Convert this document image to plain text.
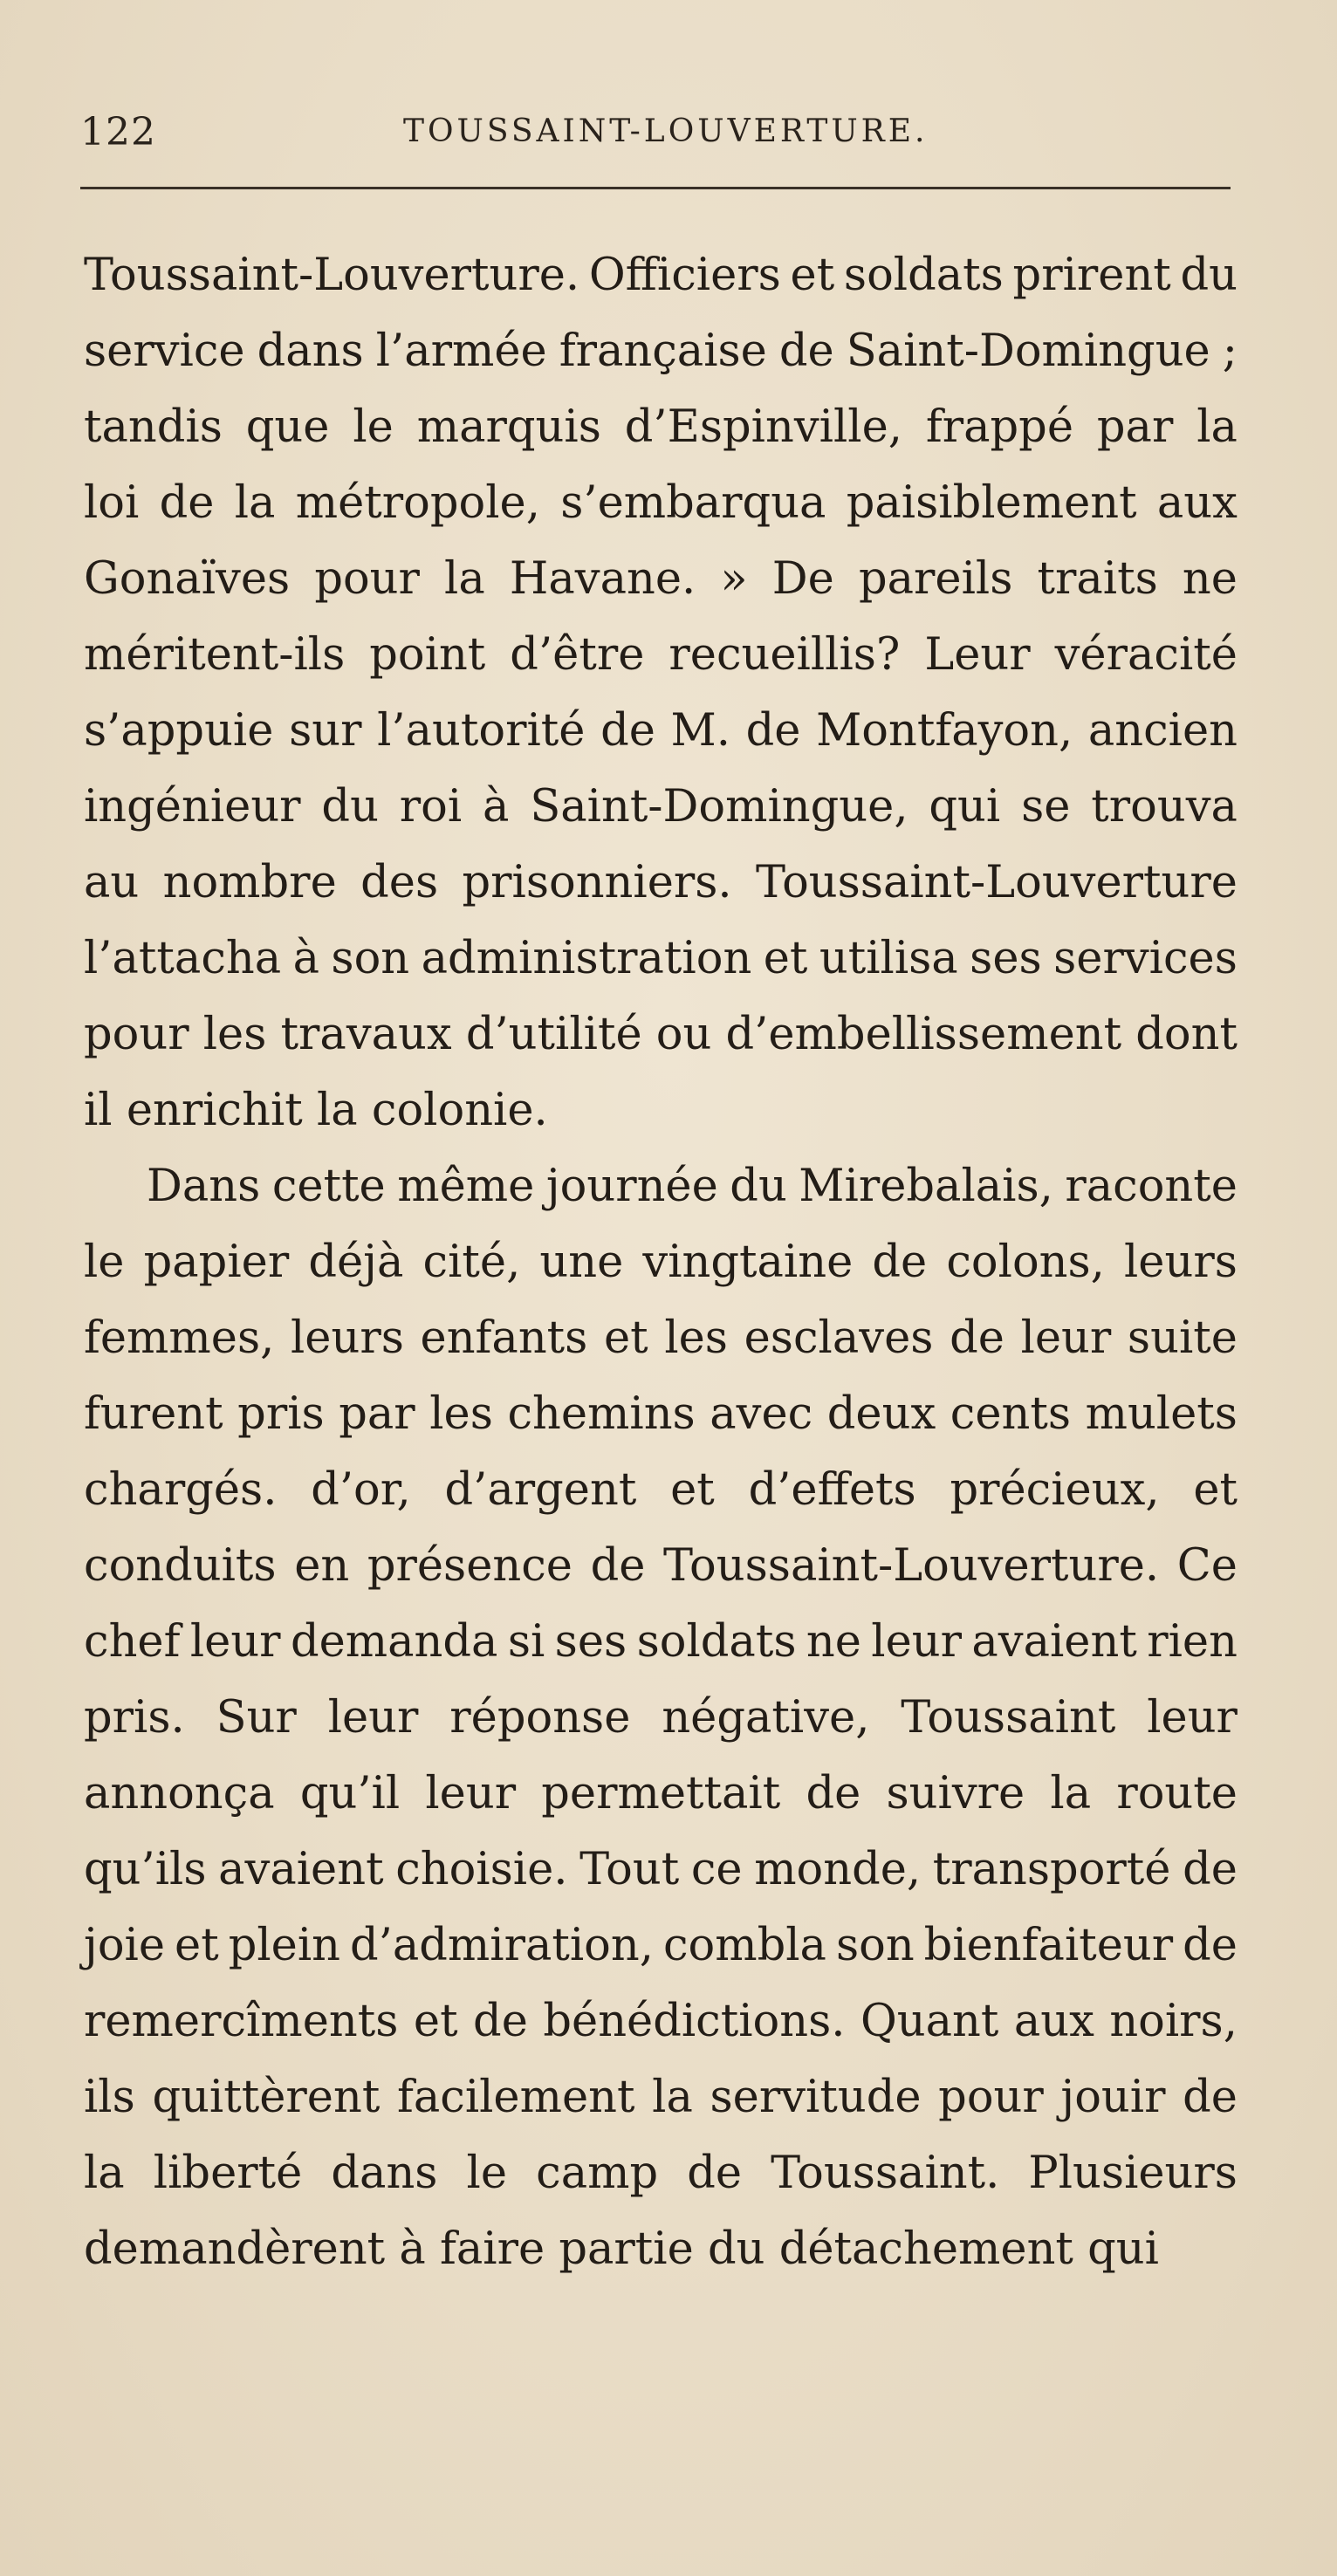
122	TOUSSAINT-LOUVERTURE.
Toussaint-Louverture. Officiers et soldats prirent du
service dans l’armée française de Saint-Domingue ;
tandis que le marquis d’Espinville, frappé par la
loi de la métropole, s’embarqua paisiblement aux
Gonaïves pour la Havane. » De pareils traits ne
méritent-ils point d’être recueillis? Leur véracité
s’appuie sur l’autorité de M. de Montfayon, ancien
ingénieur du roi à Saint-Domingue, qui se trouva
au nombre des prisonniers. Toussaint-Louverture
l’attacha à son administration et utilisa ses services
pour les travaux d’utilité ou d’embellissement dont
il enrichit la colonie.
Dans cette même journée du Mirebalais, raconte
le papier déjà cité, une vingtaine de colons, leurs
femmes, leurs enfants et les esclaves de leur suite
furent pris par les chemins avec deux cents mulets
chargés. d’or, d’argent et d’effets précieux, et
conduits en présence de Toussaint-Louverture. Ce
chef leur demanda si ses soldats ne leur avaient rien
pris. Sur leur réponse négative, Toussaint leur
annonça qu’il leur permettait de suivre la route
qu’ils avaient choisie. Tout ce monde, transporté de
joie et plein d’admiration, combla son bienfaiteur de
remercîments et de bénédictions. Quant aux noirs,
ils quittèrent facilement la servitude pour jouir de
la liberté dans le camp de Toussaint. Plusieurs
demandèrent à faire partie du détachement qui
